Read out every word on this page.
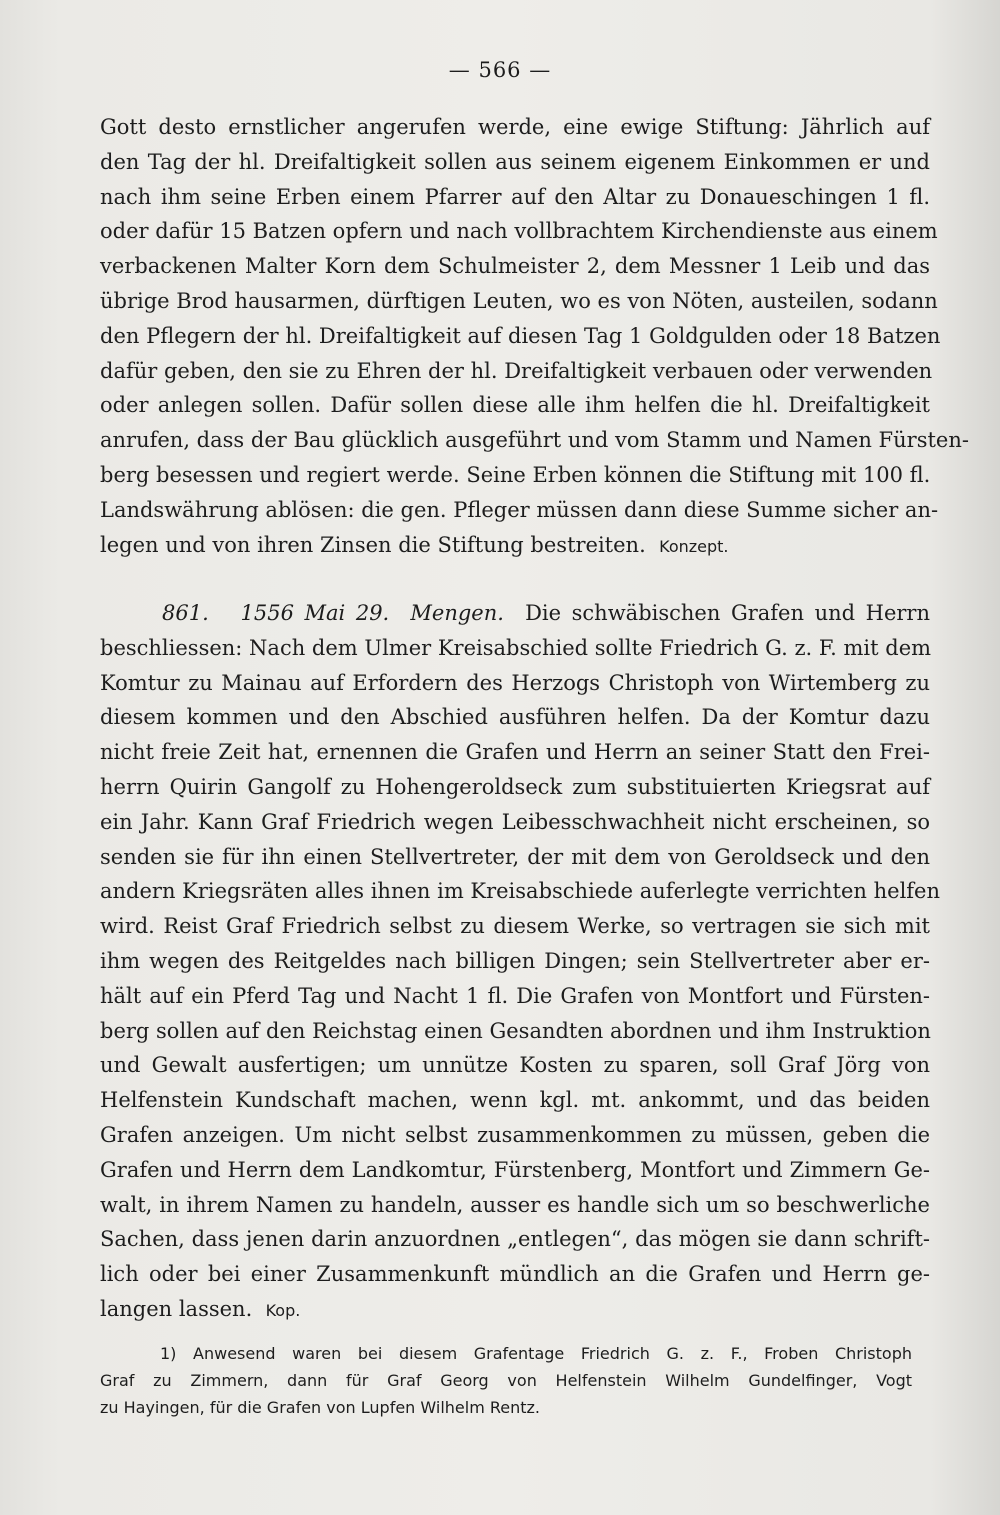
— 566 —
Gott desto ernstlicher angerufen werde, eine ewige Stiftung: Jährlich auf
den Tag der hl. Dreifaltigkeit sollen aus seinem eigenem Einkommen er und
nach ihm seine Erben einem Pfarrer auf den Altar zu Donaueschingen 1 fl.
oder dafür 15 Batzen opfern und nach vollbrachtem Kirchendienste aus einem
verbackenen Malter Korn dem Schulmeister 2, dem Messner 1 Leib und das
übrige Brod hausarmen, dürftigen Leuten, wo es von Nöten, austeilen, sodann
den Pflegern der hl. Dreifaltigkeit auf diesen Tag 1 Goldgulden oder 18 Batzen
dafür geben, den sie zu Ehren der hl. Dreifaltigkeit verbauen oder verwenden
oder anlegen sollen. Dafür sollen diese alle ihm helfen die hl. Dreifaltigkeit
anrufen, dass der Bau glücklich ausgeführt und vom Stamm und Namen Fürsten-
berg besessen und regiert werde. Seine Erben können die Stiftung mit 100 fl.
Landswährung ablösen: die gen. Pfleger müssen dann diese Summe sicher an-
legen und von ihren Zinsen die Stiftung bestreiten. Konzept.
861. 1556 Mai 29. Mengen. Die schwäbischen Grafen und Herrn
beschliessen: Nach dem Ulmer Kreisabschied sollte Friedrich G. z. F. mit dem
Komtur zu Mainau auf Erfordern des Herzogs Christoph von Wirtemberg zu
diesem kommen und den Abschied ausführen helfen. Da der Komtur dazu
nicht freie Zeit hat, ernennen die Grafen und Herrn an seiner Statt den Frei-
herrn Quirin Gangolf zu Hohengeroldseck zum substituierten Kriegsrat auf
ein Jahr. Kann Graf Friedrich wegen Leibesschwachheit nicht erscheinen, so
senden sie für ihn einen Stellvertreter, der mit dem von Geroldseck und den
andern Kriegsräten alles ihnen im Kreisabschiede auferlegte verrichten helfen
wird. Reist Graf Friedrich selbst zu diesem Werke, so vertragen sie sich mit
ihm wegen des Reitgeldes nach billigen Dingen; sein Stellvertreter aber er-
hält auf ein Pferd Tag und Nacht 1 fl. Die Grafen von Montfort und Fürsten-
berg sollen auf den Reichstag einen Gesandten abordnen und ihm Instruktion
und Gewalt ausfertigen; um unnütze Kosten zu sparen, soll Graf Jörg von
Helfenstein Kundschaft machen, wenn kgl. mt. ankommt, und das beiden
Grafen anzeigen. Um nicht selbst zusammenkommen zu müssen, geben die
Grafen und Herrn dem Landkomtur, Fürstenberg, Montfort und Zimmern Ge-
walt, in ihrem Namen zu handeln, ausser es handle sich um so beschwerliche
Sachen, dass jenen darin anzuordnen „entlegen“, das mögen sie dann schrift-
lich oder bei einer Zusammenkunft mündlich an die Grafen und Herrn ge-
langen lassen. Kop.
1) Anwesend waren bei diesem Grafentage Friedrich G. z. F., Froben Christoph
Graf zu Zimmern, dann für Graf Georg von Helfenstein Wilhelm Gundelfinger, Vogt
zu Hayingen, für die Grafen von Lupfen Wilhelm Rentz.
